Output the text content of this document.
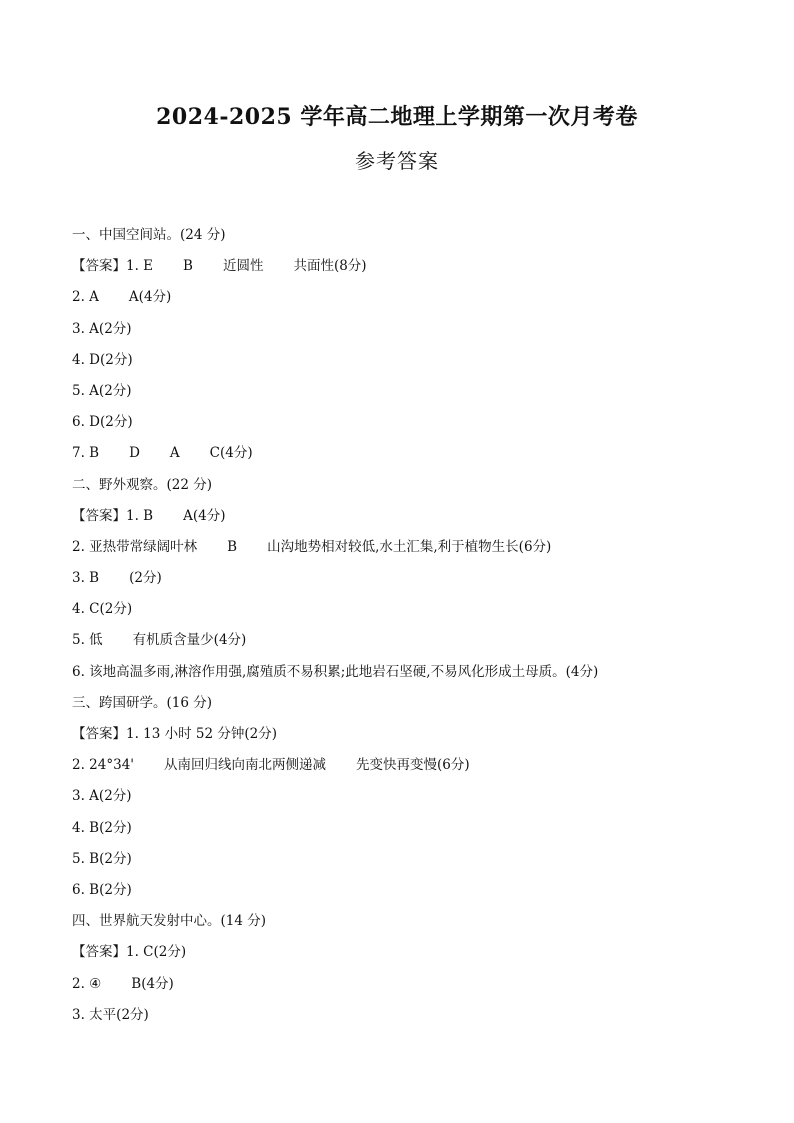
2024-2025 学年高二地理上学期第一次月考卷
参考答案
一、中国空间站。(24 分)
【答案】1. E B 近圆性 共面性(8分)
2. A A(4分)
3. A(2分)
4. D(2分)
5. A(2分)
6. D(2分)
7. B D A C(4分)
二、野外观察。(22 分)
【答案】1. B A(4分)
2. 亚热带常绿阔叶林 B 山沟地势相对较低,水土汇集,利于植物生长(6分)
3. B (2分)
4. C(2分)
5. 低 有机质含量少(4分)
6. 该地高温多雨,淋溶作用强,腐殖质不易积累;此地岩石坚硬,不易风化形成土母质。(4分)
三、跨国研学。(16 分)
【答案】1. 13 小时 52 分钟(2分)
2. 24°34' 从南回归线向南北两侧递减 先变快再变慢(6分)
3. A(2分)
4. B(2分)
5. B(2分)
6. B(2分)
四、世界航天发射中心。(14 分)
【答案】1. C(2分)
2. ④ B(4分)
3. 太平(2分)
